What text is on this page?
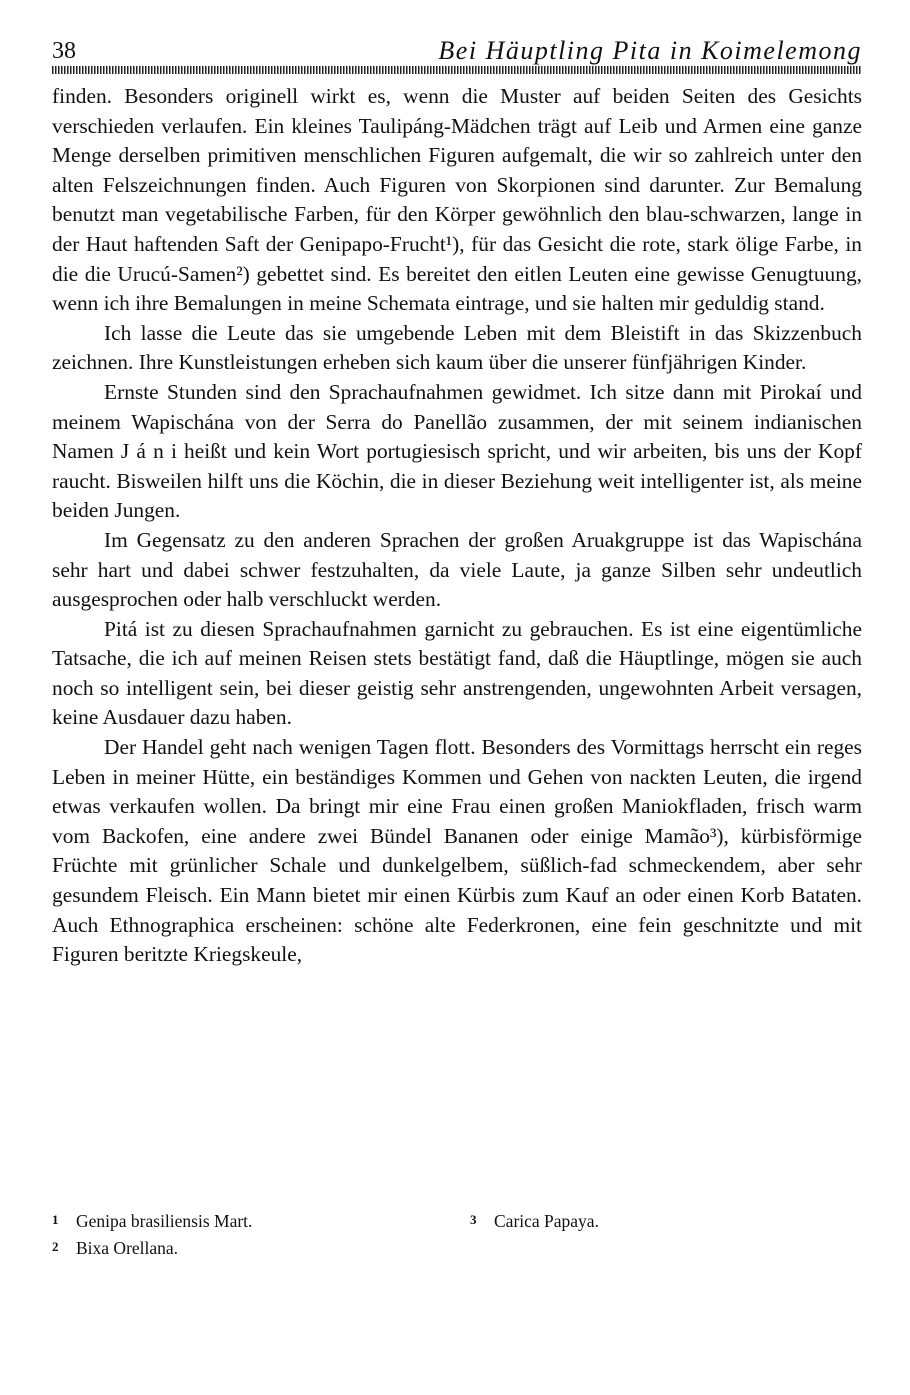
38	Bei Häuptling Pita in Koimelemong

finden. Besonders originell wirkt es, wenn die Muster auf beiden Seiten des Gesichts verschieden verlaufen. Ein kleines Taulipáng-Mädchen trägt auf Leib und Armen eine ganze Menge derselben primitiven menschlichen Figuren aufgemalt, die wir so zahlreich unter den alten Felszeichnungen finden. Auch Figuren von Skorpionen sind darunter. Zur Bemalung benutzt man vegetabilische Farben, für den Körper gewöhnlich den blau-schwarzen, lange in der Haut haftenden Saft der Genipapo-Frucht¹), für das Gesicht die rote, stark ölige Farbe, in die die Urucú-Samen²) gebettet sind. Es bereitet den eitlen Leuten eine gewisse Genugtuung, wenn ich ihre Bemalungen in meine Schemata eintrage, und sie halten mir geduldig stand.

Ich lasse die Leute das sie umgebende Leben mit dem Bleistift in das Skizzenbuch zeichnen. Ihre Kunstleistungen erheben sich kaum über die unserer fünfjährigen Kinder.

Ernste Stunden sind den Sprachaufnahmen gewidmet. Ich sitze dann mit Pirokaí und meinem Wapischána von der Serra do Panellão zusammen, der mit seinem indianischen Namen J á n i heißt und kein Wort portugiesisch spricht, und wir arbeiten, bis uns der Kopf raucht. Bisweilen hilft uns die Köchin, die in dieser Beziehung weit intelligenter ist, als meine beiden Jungen.

Im Gegensatz zu den anderen Sprachen der großen Aruakgruppe ist das Wapischána sehr hart und dabei schwer festzuhalten, da viele Laute, ja ganze Silben sehr undeutlich ausgesprochen oder halb verschluckt werden.

Pitá ist zu diesen Sprachaufnahmen garnicht zu gebrauchen. Es ist eine eigentümliche Tatsache, die ich auf meinen Reisen stets bestätigt fand, daß die Häuptlinge, mögen sie auch noch so intelligent sein, bei dieser geistig sehr anstrengenden, ungewohnten Arbeit versagen, keine Ausdauer dazu haben.

Der Handel geht nach wenigen Tagen flott. Besonders des Vormittags herrscht ein reges Leben in meiner Hütte, ein beständiges Kommen und Gehen von nackten Leuten, die irgend etwas verkaufen wollen. Da bringt mir eine Frau einen großen Maniokfladen, frisch warm vom Backofen, eine andere zwei Bündel Bananen oder einige Mamão³), kürbisförmige Früchte mit grünlicher Schale und dunkelgelbem, süßlich-fad schmeckendem, aber sehr gesundem Fleisch. Ein Mann bietet mir einen Kürbis zum Kauf an oder einen Korb Bataten. Auch Ethnographica erscheinen: schöne alte Federkronen, eine fein geschnitzte und mit Figuren beritzte Kriegskeule,

1 Genipa brasiliensis Mart.
2 Bixa Orellana.
3 Carica Papaya.
